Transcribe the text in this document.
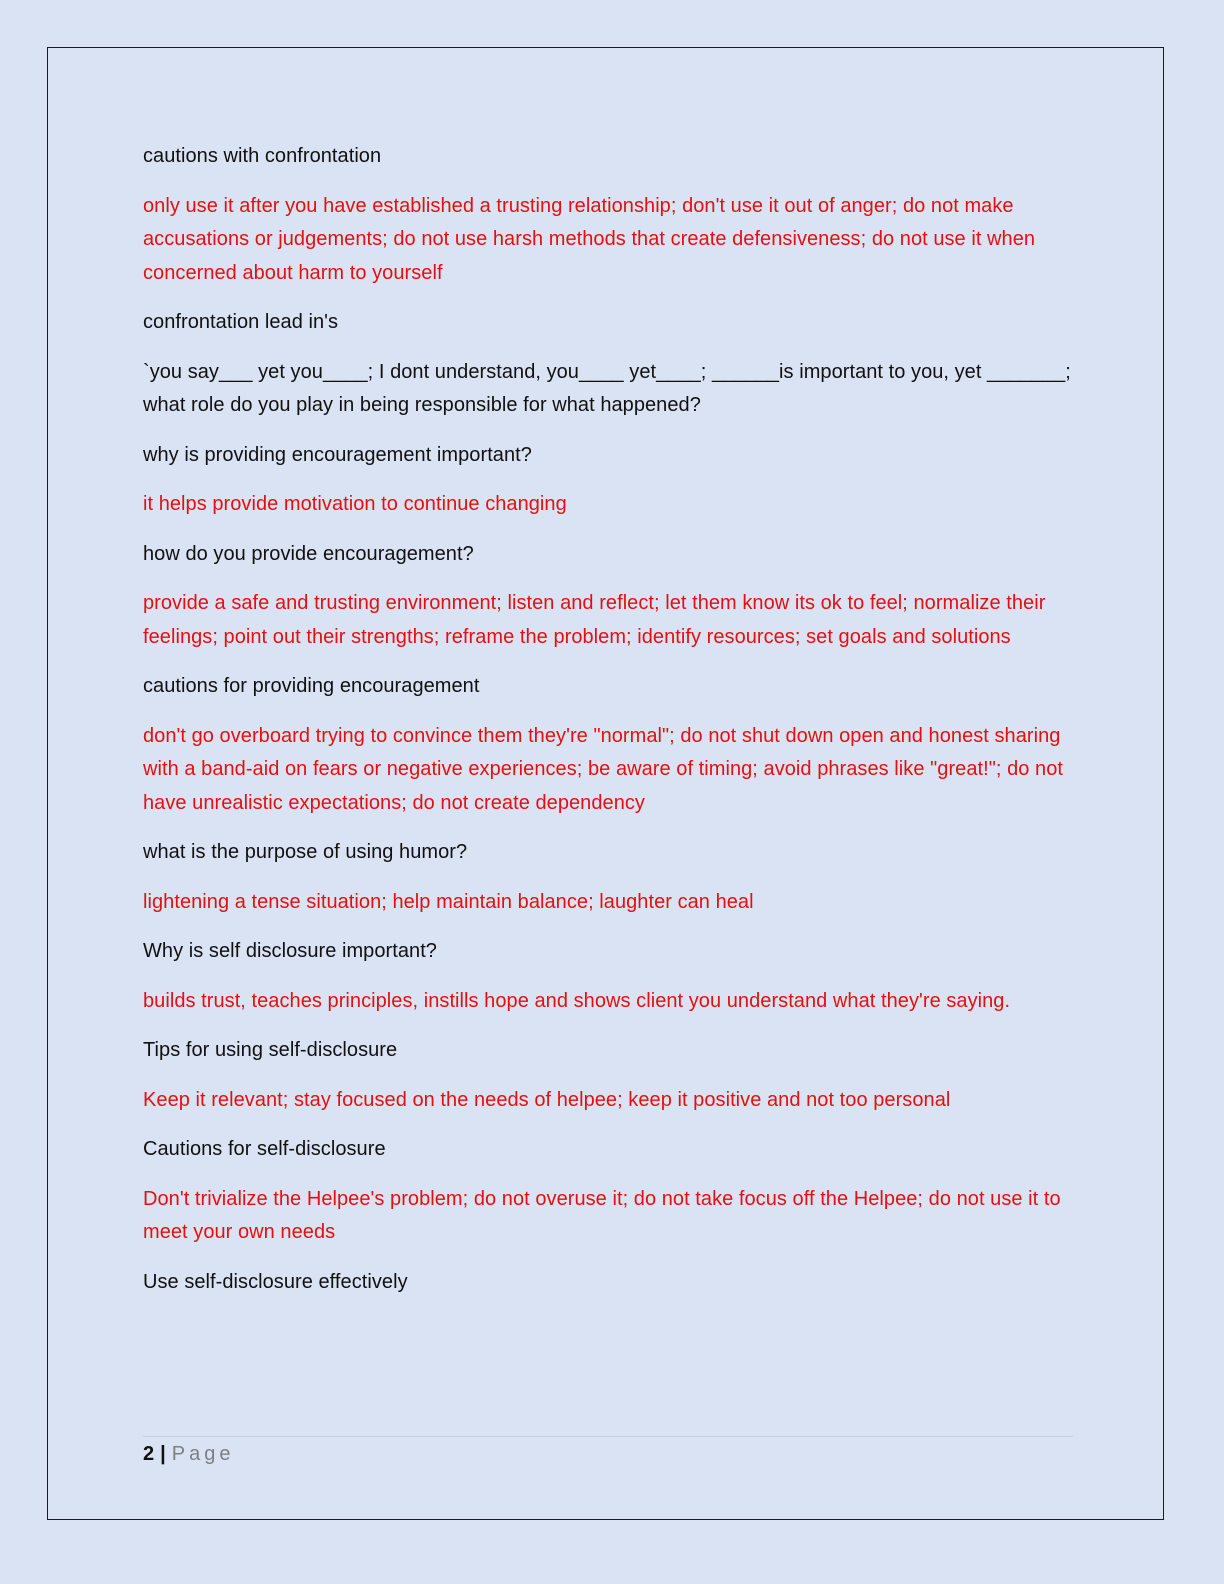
cautions with confrontation

only use it after you have established a trusting relationship; don't use it out of anger; do not make accusations or judgements; do not use harsh methods that create defensiveness; do not use it when concerned about harm to yourself

confrontation lead in's

`you say___ yet you____; I dont understand, you____ yet____; ______is important to you, yet _______; what role do you play in being responsible for what happened?

why is providing encouragement important?

it helps provide motivation to continue changing

how do you provide encouragement?

provide a safe and trusting environment; listen and reflect; let them know its ok to feel; normalize their feelings; point out their strengths; reframe the problem; identify resources; set goals and solutions

cautions for providing encouragement

don't go overboard trying to convince them they're "normal"; do not shut down open and honest sharing with a band-aid on fears or negative experiences; be aware of timing; avoid phrases like "great!"; do not have unrealistic expectations; do not create dependency

what is the purpose of using humor?

lightening a tense situation; help maintain balance; laughter can heal

Why is self disclosure important?

builds trust, teaches principles, instills hope and shows client you understand what they're saying.

Tips for using self-disclosure

Keep it relevant; stay focused on the needs of helpee; keep it positive and not too personal

Cautions for self-disclosure

Don't trivialize the Helpee's problem; do not overuse it; do not take focus off the Helpee; do not use it to meet your own needs

Use self-disclosure effectively

2 | Page
